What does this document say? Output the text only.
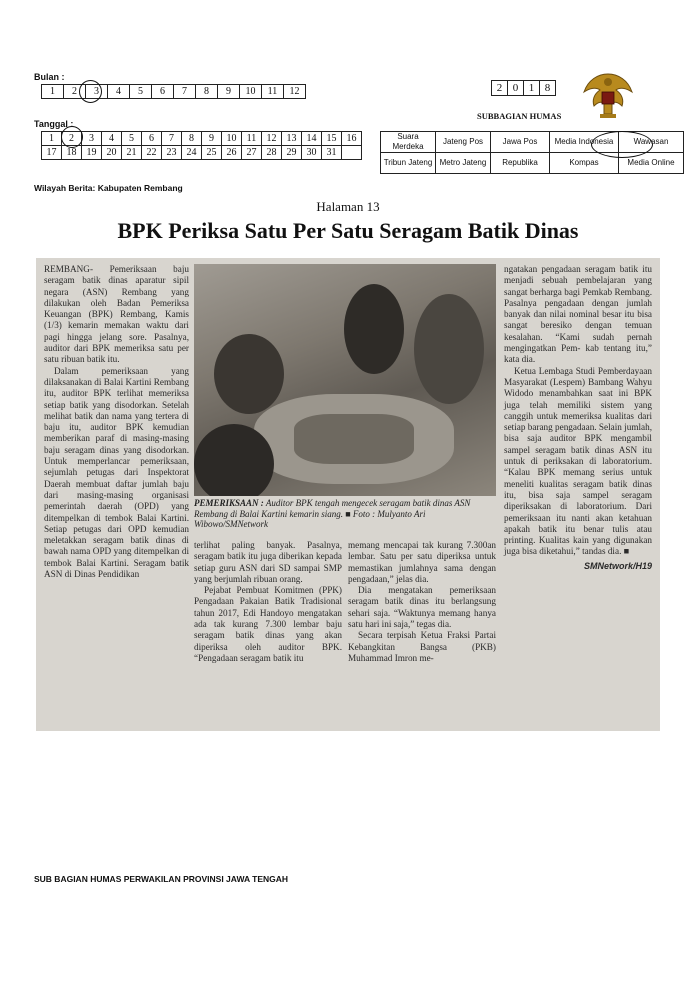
Bulan :
1	2	3	4	5	6	7	8	9	10	11	12
Tanggal :
1	2	3	4	5	6	7	8	9	10	11	12	13	14	15	16
17	18	19	20	21	22	23	24	25	26	27	28	29	30	31	
2	0	1	8
SUBBAGIAN HUMAS
Suara Merdeka	Jateng Pos	Jawa Pos	Media Indonesia	Wawasan
Tribun Jateng	Metro Jateng	Republika	Kompas	Media Online
Wilayah Berita: Kabupaten Rembang
Halaman 13
BPK Periksa Satu Per Satu Seragam Batik Dinas

REMBANG- Pemeriksaan baju seragam batik dinas aparatur sipil negara (ASN) Rembang yang dilakukan oleh Badan Pemeriksa Keuangan (BPK) Rembang, Kamis (1/3) kemarin memakan waktu dari pagi hingga jelang sore. Pasalnya, auditor dari BPK memeriksa satu per satu ribuan batik itu.

Dalam pemeriksaan yang dilaksanakan di Balai Kartini Rembang itu, auditor BPK terlihat memeriksa setiap batik yang disodorkan. Setelah melihat batik dan nama yang tertera di baju itu, auditor BPK kemudian memberikan paraf di masing-masing baju seragam dinas yang disodorkan. Untuk memperlancar pemeriksaan, sejumlah petugas dari Inspektorat Daerah membuat daftar jumlah baju dari masing-masing organisasi pemerintah daerah (OPD) yang ditempelkan di tembok Balai Kartini. Setiap petugas dari OPD kemudian meletakkan seragam batik dinas di bawah nama OPD yang ditempelkan di tembok Balai Kartini. Seragam batik ASN di Dinas Pendidikan

PEMERIKSAAN : Auditor BPK tengah mengecek seragam batik dinas ASN Rembang di Balai Kartini kemarin siang. ■ Foto : Mulyanto Ari Wibowo/SMNetwork

terlihat paling banyak. Pasalnya, seragam batik itu juga diberikan kepada setiap guru ASN dari SD sampai SMP yang berjumlah ribuan orang.

Pejabat Pembuat Komitmen (PPK) Pengadaan Pakaian Batik Tradisional tahun 2017, Edi Handoyo mengatakan ada tak kurang 7.300 lembar baju seragam batik dinas yang akan diperiksa oleh auditor BPK. “Pengadaan seragam batik itu

memang mencapai tak kurang 7.300an lembar. Satu per satu diperiksa untuk memastikan jumlahnya sama dengan pengadaan,” jelas dia.

Dia mengatakan pemeriksaan seragam batik dinas itu berlangsung sehari saja. “Waktunya memang hanya satu hari ini saja,” tegas dia.

Secara terpisah Ketua Fraksi Partai Kebangkitan Bangsa (PKB) Muhammad Imron me-

ngatakan pengadaan seragam batik itu menjadi sebuah pembelajaran yang sangat berharga bagi Pemkab Rembang. Pasalnya pengadaan dengan jumlah banyak dan nilai nominal besar itu bisa sangat beresiko dengan temuan kesalahan. “Kami sudah pernah mengingatkan Pem- kab tentang itu,” kata dia.

Ketua Lembaga Studi Pemberdayaan Masyarakat (Lespem) Bambang Wahyu Widodo menambahkan saat ini BPK juga telah memiliki sistem yang canggih untuk memeriksa kualitas dari setiap barang pengadaan. Selain jumlah, bisa saja auditor BPK mengambil sampel seragam batik dinas ASN itu untuk di periksakan di laboratorium. “Kalau BPK memang serius untuk meneliti kualitas seragam batik dinas itu, bisa saja sampel seragam diperiksakan di laboratorium. Dari pemeriksaan itu nanti akan ketahuan apakah batik itu benar tulis atau printing. Kualitas kain yang digunakan juga bisa diketahui,” tandas dia. ■

SMNetwork/H19

SUB BAGIAN HUMAS PERWAKILAN PROVINSI JAWA TENGAH
